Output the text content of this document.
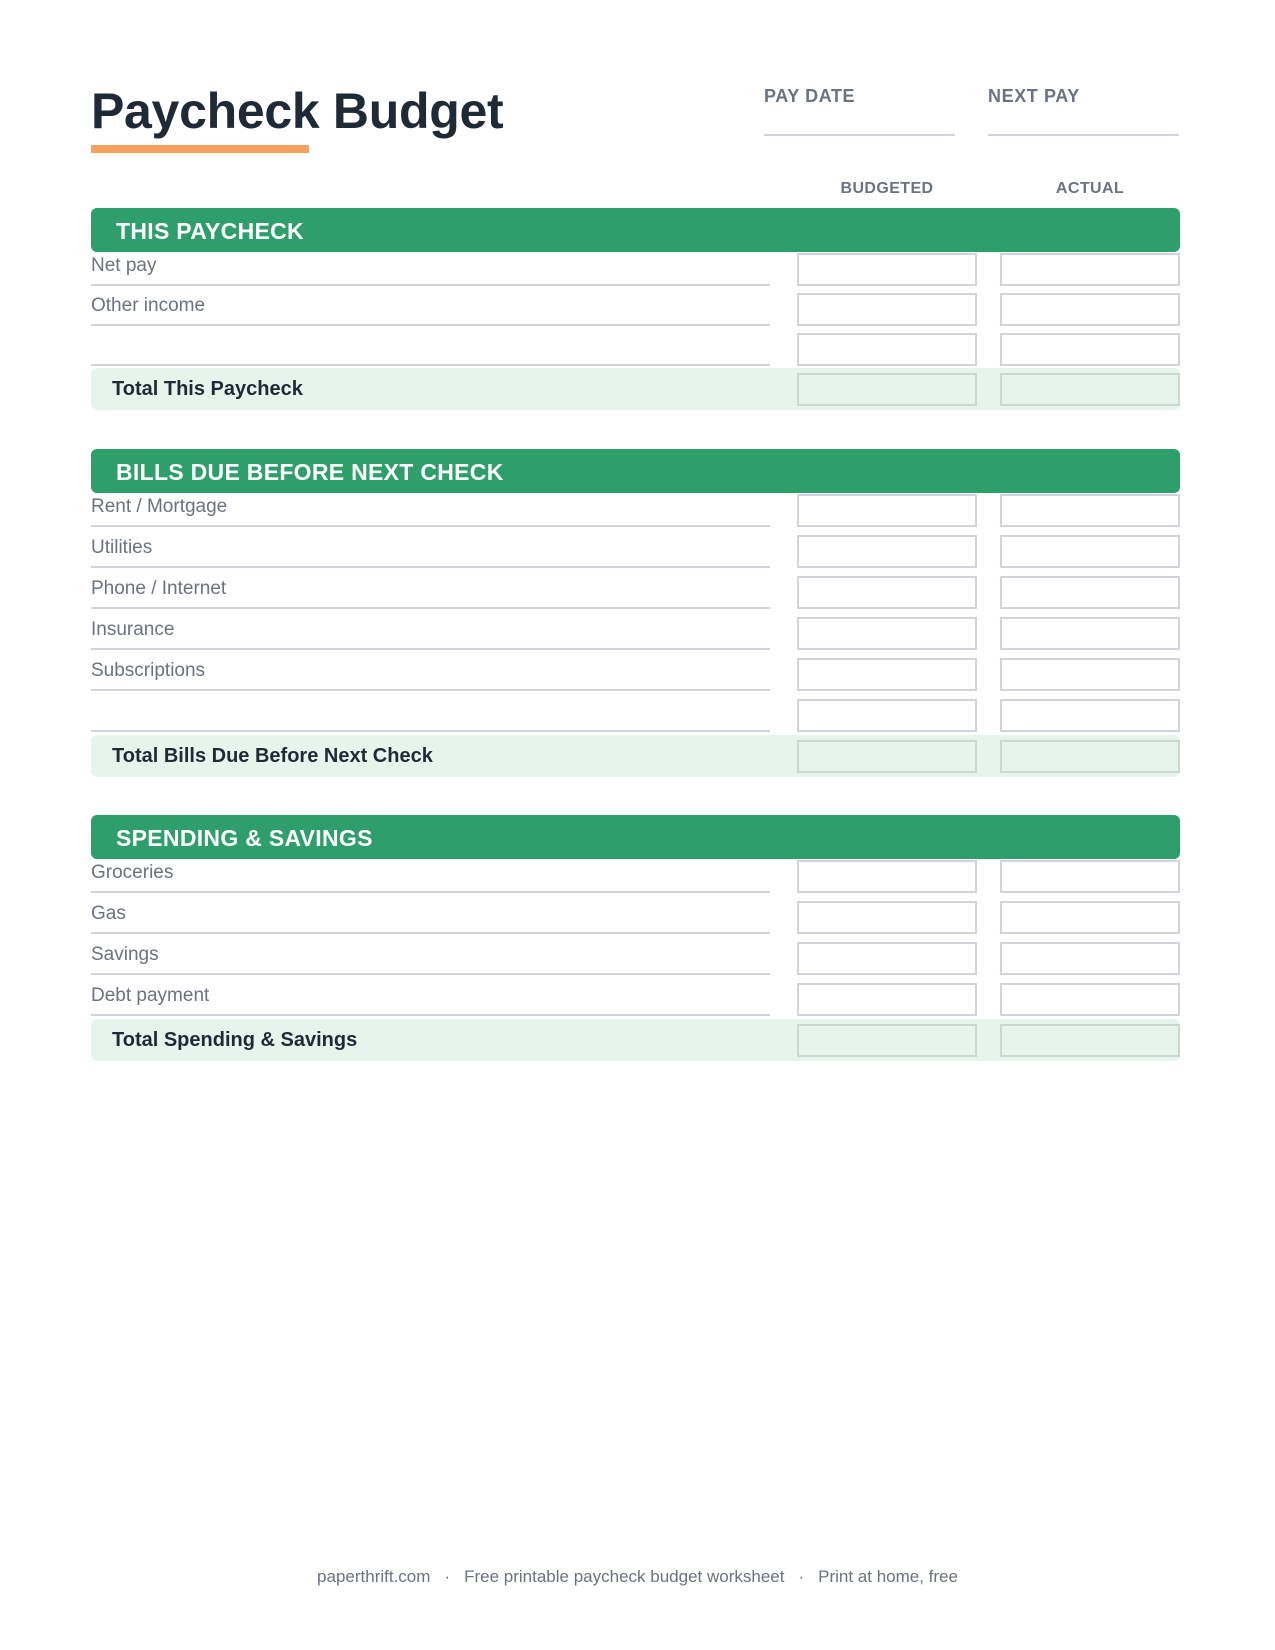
Paycheck Budget	PAY DATE	NEXT PAY
BUDGETED	ACTUAL
THIS PAYCHECK
Net pay
Other income
Total This Paycheck
BILLS DUE BEFORE NEXT CHECK
Rent / Mortgage
Utilities
Phone / Internet
Insurance
Subscriptions
Total Bills Due Before Next Check
SPENDING & SAVINGS
Groceries
Gas
Savings
Debt payment
Total Spending & Savings
paperthrift.com · Free printable paycheck budget worksheet · Print at home, free
